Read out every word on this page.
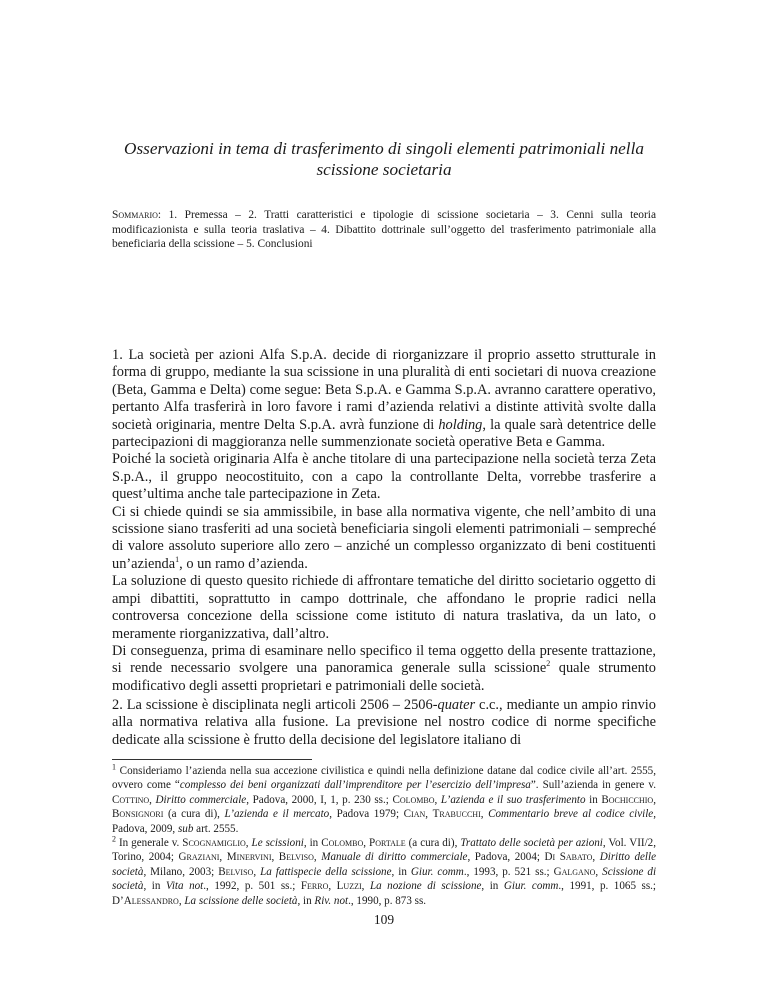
Osservazioni in tema di trasferimento di singoli elementi patrimoniali nella
scissione societaria
Sommario: 1. Premessa – 2. Tratti caratteristici e tipologie di scissione societaria – 3. Cenni sulla teoria modificazionista e sulla teoria traslativa – 4. Dibattito dottrinale sull’oggetto del trasferimento patrimoniale alla beneficiaria della scissione – 5. Conclusioni

1. La società per azioni Alfa S.p.A. decide di riorganizzare il proprio assetto strutturale in forma di gruppo, mediante la sua scissione in una pluralità di enti societari di nuova creazione (Beta, Gamma e Delta) come segue: Beta S.p.A. e Gamma S.p.A. avranno carattere operativo, pertanto Alfa trasferirà in loro favore i rami d’azienda relativi a distinte attività svolte dalla società originaria, mentre Delta S.p.A. avrà funzione di holding, la quale sarà detentrice delle partecipazioni di maggioranza nelle summenzionate società operative Beta e Gamma.

Poiché la società originaria Alfa è anche titolare di una partecipazione nella società terza Zeta S.p.A., il gruppo neocostituito, con a capo la controllante Delta, vorrebbe trasferire a quest’ultima anche tale partecipazione in Zeta.

Ci si chiede quindi se sia ammissibile, in base alla normativa vigente, che nell’ambito di una scissione siano trasferiti ad una società beneficiaria singoli elementi patrimoniali – sempreché di valore assoluto superiore allo zero – anziché un complesso organizzato di beni costituenti un’azienda$^1$, o un ramo d’azienda.

La soluzione di questo quesito richiede di affrontare tematiche del diritto societario oggetto di ampi dibattiti, soprattutto in campo dottrinale, che affondano le proprie radici nella controversa concezione della scissione come istituto di natura traslativa, da un lato, o meramente riorganizzativa, dall’altro.

Di conseguenza, prima di esaminare nello specifico il tema oggetto della presente trattazione, si rende necessario svolgere una panoramica generale sulla scissione$^2$ quale strumento modificativo degli assetti proprietari e patrimoniali delle società.

2. La scissione è disciplinata negli articoli 2506 – 2506-quater c.c., mediante un ampio rinvio alla normativa relativa alla fusione. La previsione nel nostro codice di norme specifiche dedicate alla scissione è frutto della decisione del legislatore italiano di

$^1$ Consideriamo l’azienda nella sua accezione civilistica e quindi nella definizione datane dal codice civile all’art. 2555, ovvero come “complesso dei beni organizzati dall’imprenditore per l’esercizio dell’impresa”. Sull’azienda in genere v. Cottino, Diritto commerciale, Padova, 2000, I, 1, p. 230 ss.; Colombo, L’azienda e il suo trasferimento in Bochicchio, Bonsignori (a cura di), L’azienda e il mercato, Padova 1979; Cian, Trabucchi, Commentario breve al codice civile, Padova, 2009, sub art. 2555.

$^2$ In generale v. Scognamiglio, Le scissioni, in Colombo, Portale (a cura di), Trattato delle società per azioni, Vol. VII/2, Torino, 2004; Graziani, Minervini, Belviso, Manuale di diritto commerciale, Padova, 2004; Di Sabato, Diritto delle società, Milano, 2003; Belviso, La fattispecie della scissione, in Giur. comm., 1993, p. 521 ss.; Galgano, Scissione di società, in Vita not., 1992, p. 501 ss.; Ferro, Luzzi, La nozione di scissione, in Giur. comm., 1991, p. 1065 ss.; D’Alessandro, La scissione delle società, in Riv. not., 1990, p. 873 ss.

109
